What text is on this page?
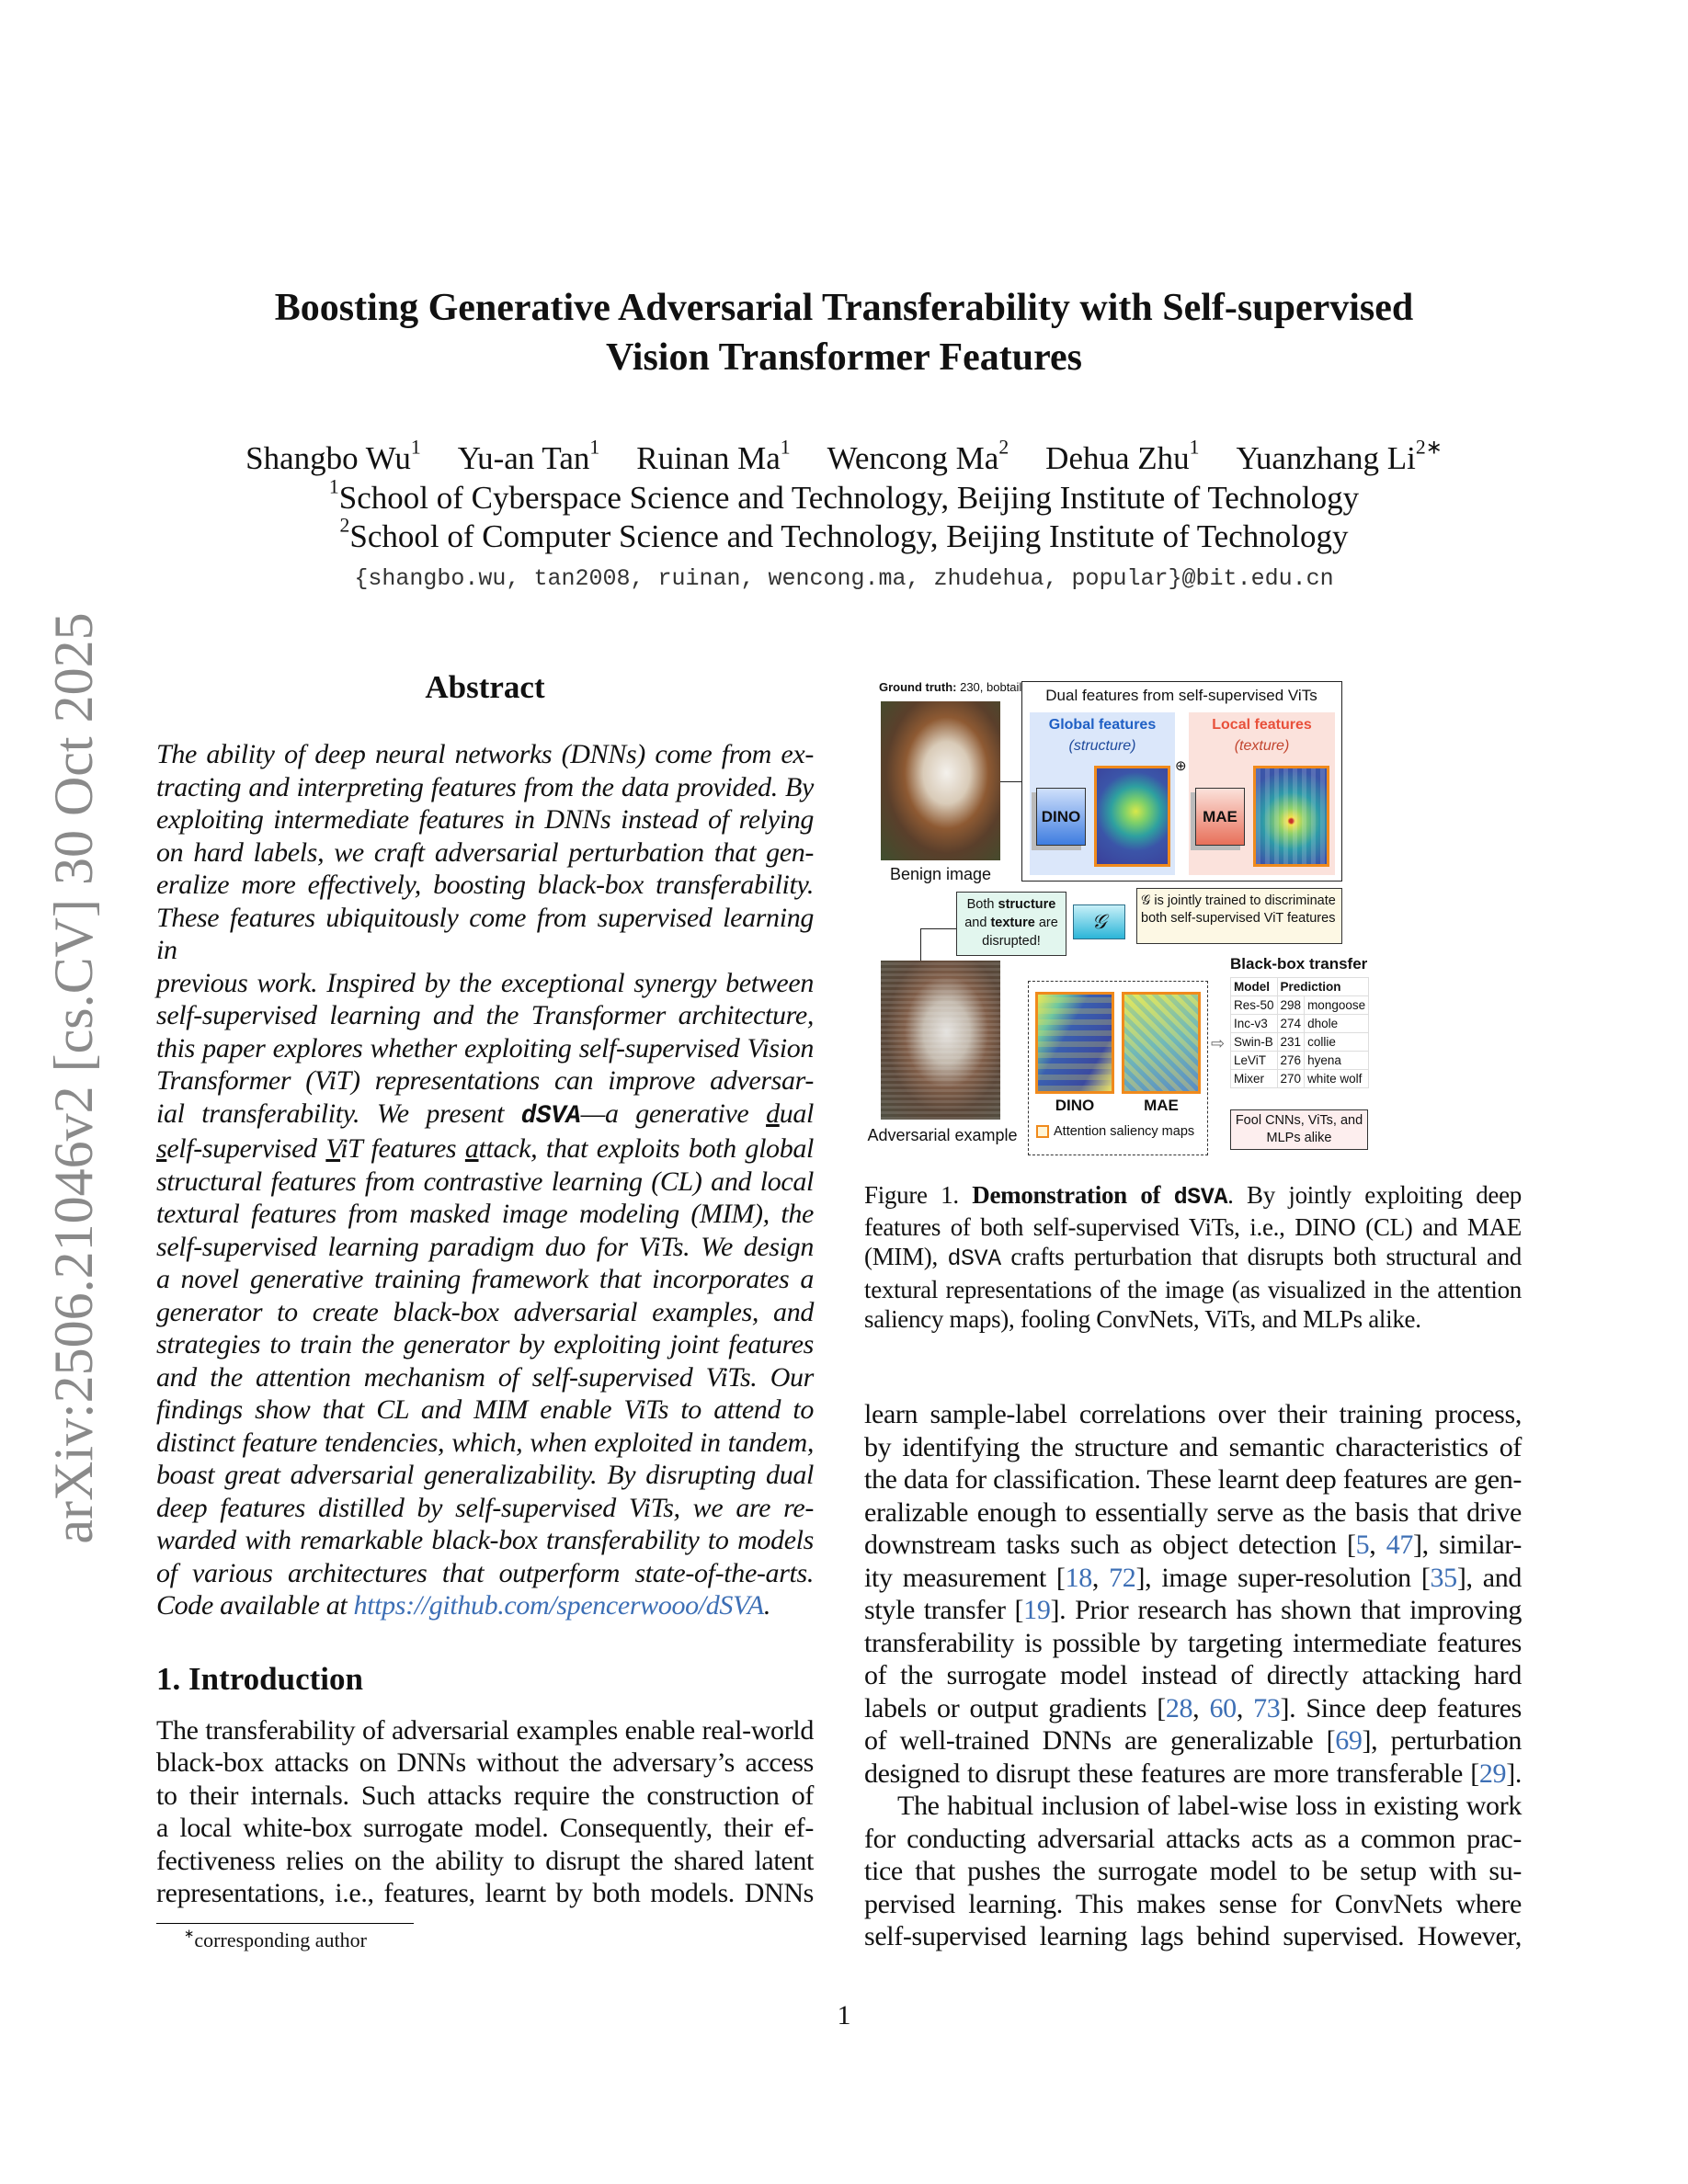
arXiv:2506.21046v2 [cs.CV] 30 Oct 2025
Boosting Generative Adversarial Transferability with Self-supervised
Vision Transformer Features
Shangbo Wu$^1$ Yu-an Tan$^1$ Ruinan Ma$^1$ Wencong Ma$^2$ Dehua Zhu$^1$ Yuanzhang $Li^{2∗}$
$^1$School of Cyberspace Science and Technology, Beijing Institute of Technology
$^2$School of Computer Science and Technology, Beijing Institute of Technology
{shangbo.wu, tan2008, ruinan, wencong.ma, zhudehua, popular}@bit.edu.cn
Abstract
The ability of deep neural networks (DNNs) come from ex-
tracting and interpreting features from the data provided. By
exploiting intermediate features in DNNs instead of relying
on hard labels, we craft adversarial perturbation that gen-
eralize more effectively, boosting black-box transferability.
These features ubiquitously come from supervised learning in
previous work. Inspired by the exceptional synergy between
self-supervised learning and the Transformer architecture,
this paper explores whether exploiting self-supervised Vision
Transformer (ViT) representations can improve adversar-
ial transferability. We present dSVA—a generative dual
self-supervised ViT features attack, that exploits both global
structural features from contrastive learning (CL) and local
textural features from masked image modeling (MIM), the
self-supervised learning paradigm duo for ViTs. We design
a novel generative training framework that incorporates a
generator to create black-box adversarial examples, and
strategies to train the generator by exploiting joint features
and the attention mechanism of self-supervised ViTs. Our
findings show that CL and MIM enable ViTs to attend to
distinct feature tendencies, which, when exploited in tandem,
boast great adversarial generalizability. By disrupting dual
deep features distilled by self-supervised ViTs, we are re-
warded with remarkable black-box transferability to models
of various architectures that outperform state-of-the-arts.
Code available at https://github.com/spencerwooo/dSVA.
1. Introduction
The transferability of adversarial examples enable real-world
black-box attacks on DNNs without the adversary’s access
to their internals. Such attacks require the construction of
a local white-box surrogate model. Consequently, their ef-
fectiveness relies on the ability to disrupt the shared latent
representations, i.e., features, learnt by both models. DNNs
∗corresponding author
1
Ground truth: 230, bobtail
Benign image
Dual features from self-supervised ViTs
Global features
(structure)
DINO
⊕
Local features
(texture)
MAE
𝒢
Both structure and texture are disrupted!
𝒢 is jointly trained to discriminate both self-supervised ViT features
Adversarial example
DINO	MAE
Attention saliency maps
⇨
Black-box transfer
Model	Prediction	
Res-50	298	mongoose
Inc-v3	274	dhole
Swin-B	231	collie
LeViT	276	hyena
Mixer	270	white wolf
Fool CNNs, ViTs, and MLPs alike
Figure 1. Demonstration of dSVA. By jointly exploiting deep
features of both self-supervised ViTs, i.e., DINO (CL) and MAE
(MIM), dSVA crafts perturbation that disrupts both structural and
textural representations of the image (as visualized in the attention
saliency maps), fooling ConvNets, ViTs, and MLPs alike.
learn sample-label correlations over their training process,
by identifying the structure and semantic characteristics of
the data for classification. These learnt deep features are gen-
eralizable enough to essentially serve as the basis that drive
downstream tasks such as object detection [5, 47], similar-
ity measurement [18, 72], image super-resolution [35], and
style transfer [19]. Prior research has shown that improving
transferability is possible by targeting intermediate features
of the surrogate model instead of directly attacking hard
labels or output gradients [28, 60, 73]. Since deep features
of well-trained DNNs are generalizable [69], perturbation
designed to disrupt these features are more transferable [29].
The habitual inclusion of label-wise loss in existing work
for conducting adversarial attacks acts as a common prac-
tice that pushes the surrogate model to be setup with su-
pervised learning. This makes sense for ConvNets where
self-supervised learning lags behind supervised. However,
